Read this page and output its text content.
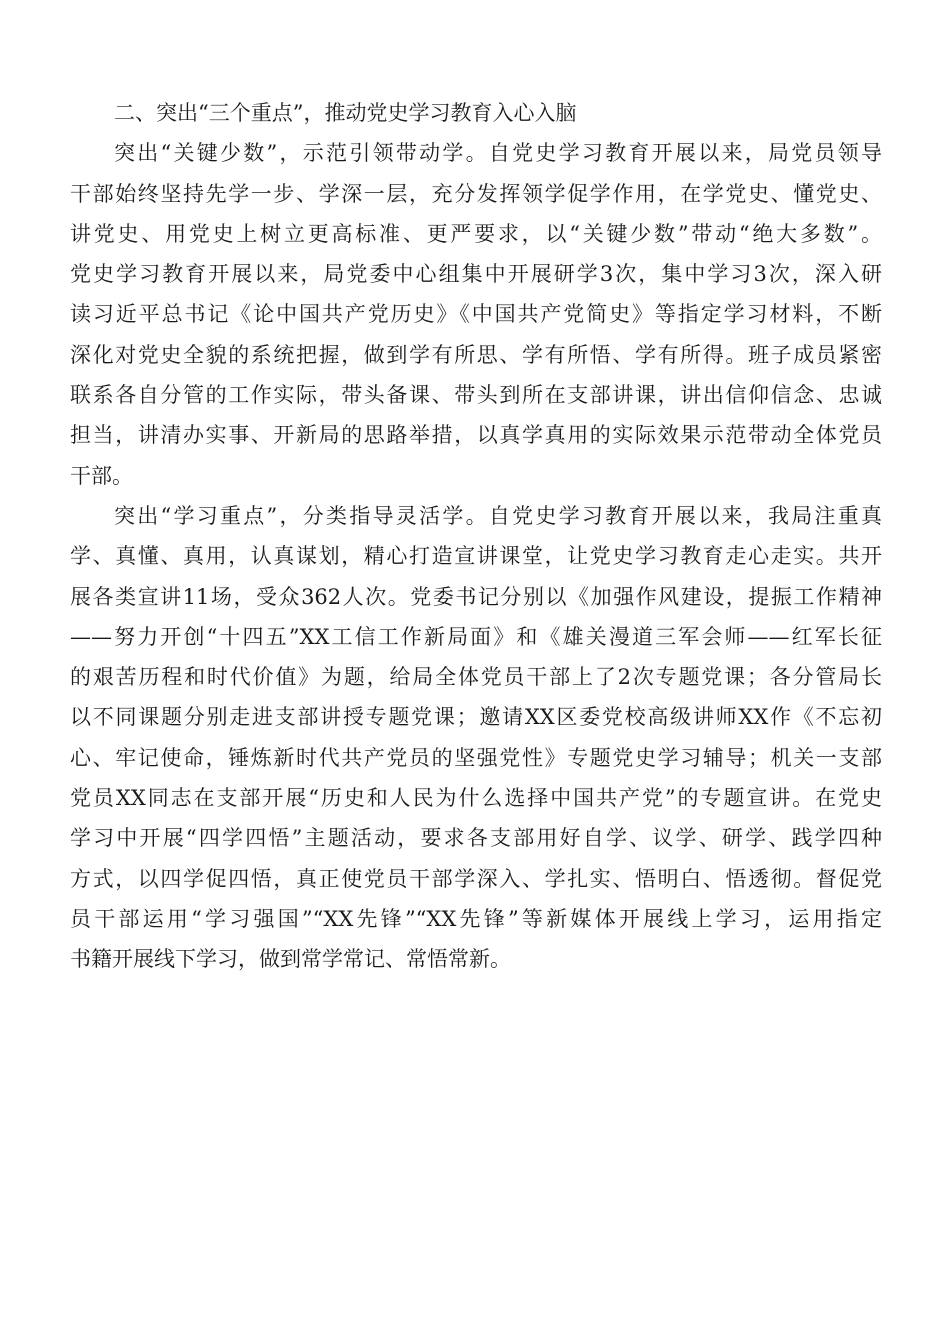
二、突出“三个重点”，推动党史学习教育入心入脑
突出“关键少数”，示范引领带动学。自党史学习教育开展以来，局党员领导
干部始终坚持先学一步、学深一层，充分发挥领学促学作用，在学党史、懂党史、
讲党史、用党史上树立更高标准、更严要求，以“关键少数”带动“绝大多数”。
党史学习教育开展以来，局党委中心组集中开展研学3次，集中学习3次，深入研
读习近平总书记《论中国共产党历史》《中国共产党简史》等指定学习材料，不断
深化对党史全貌的系统把握，做到学有所思、学有所悟、学有所得。班子成员紧密
联系各自分管的工作实际，带头备课、带头到所在支部讲课，讲出信仰信念、忠诚
担当，讲清办实事、开新局的思路举措，以真学真用的实际效果示范带动全体党员
干部。
突出“学习重点”，分类指导灵活学。自党史学习教育开展以来，我局注重真
学、真懂、真用，认真谋划，精心打造宣讲课堂，让党史学习教育走心走实。共开
展各类宣讲11场，受众362人次。党委书记分别以《加强作风建设，提振工作精神
——努力开创“十四五”XX工信工作新局面》和《雄关漫道三军会师——红军长征
的艰苦历程和时代价值》为题，给局全体党员干部上了2次专题党课；各分管局长
以不同课题分别走进支部讲授专题党课；邀请XX区委党校高级讲师XX作《不忘初
心、牢记使命，锤炼新时代共产党员的坚强党性》专题党史学习辅导；机关一支部
党员XX同志在支部开展“历史和人民为什么选择中国共产党”的专题宣讲。在党史
学习中开展“四学四悟”主题活动，要求各支部用好自学、议学、研学、践学四种
方式，以四学促四悟，真正使党员干部学深入、学扎实、悟明白、悟透彻。督促党
员干部运用“学习强国”“XX先锋”“XX先锋”等新媒体开展线上学习，运用指定
书籍开展线下学习，做到常学常记、常悟常新。
